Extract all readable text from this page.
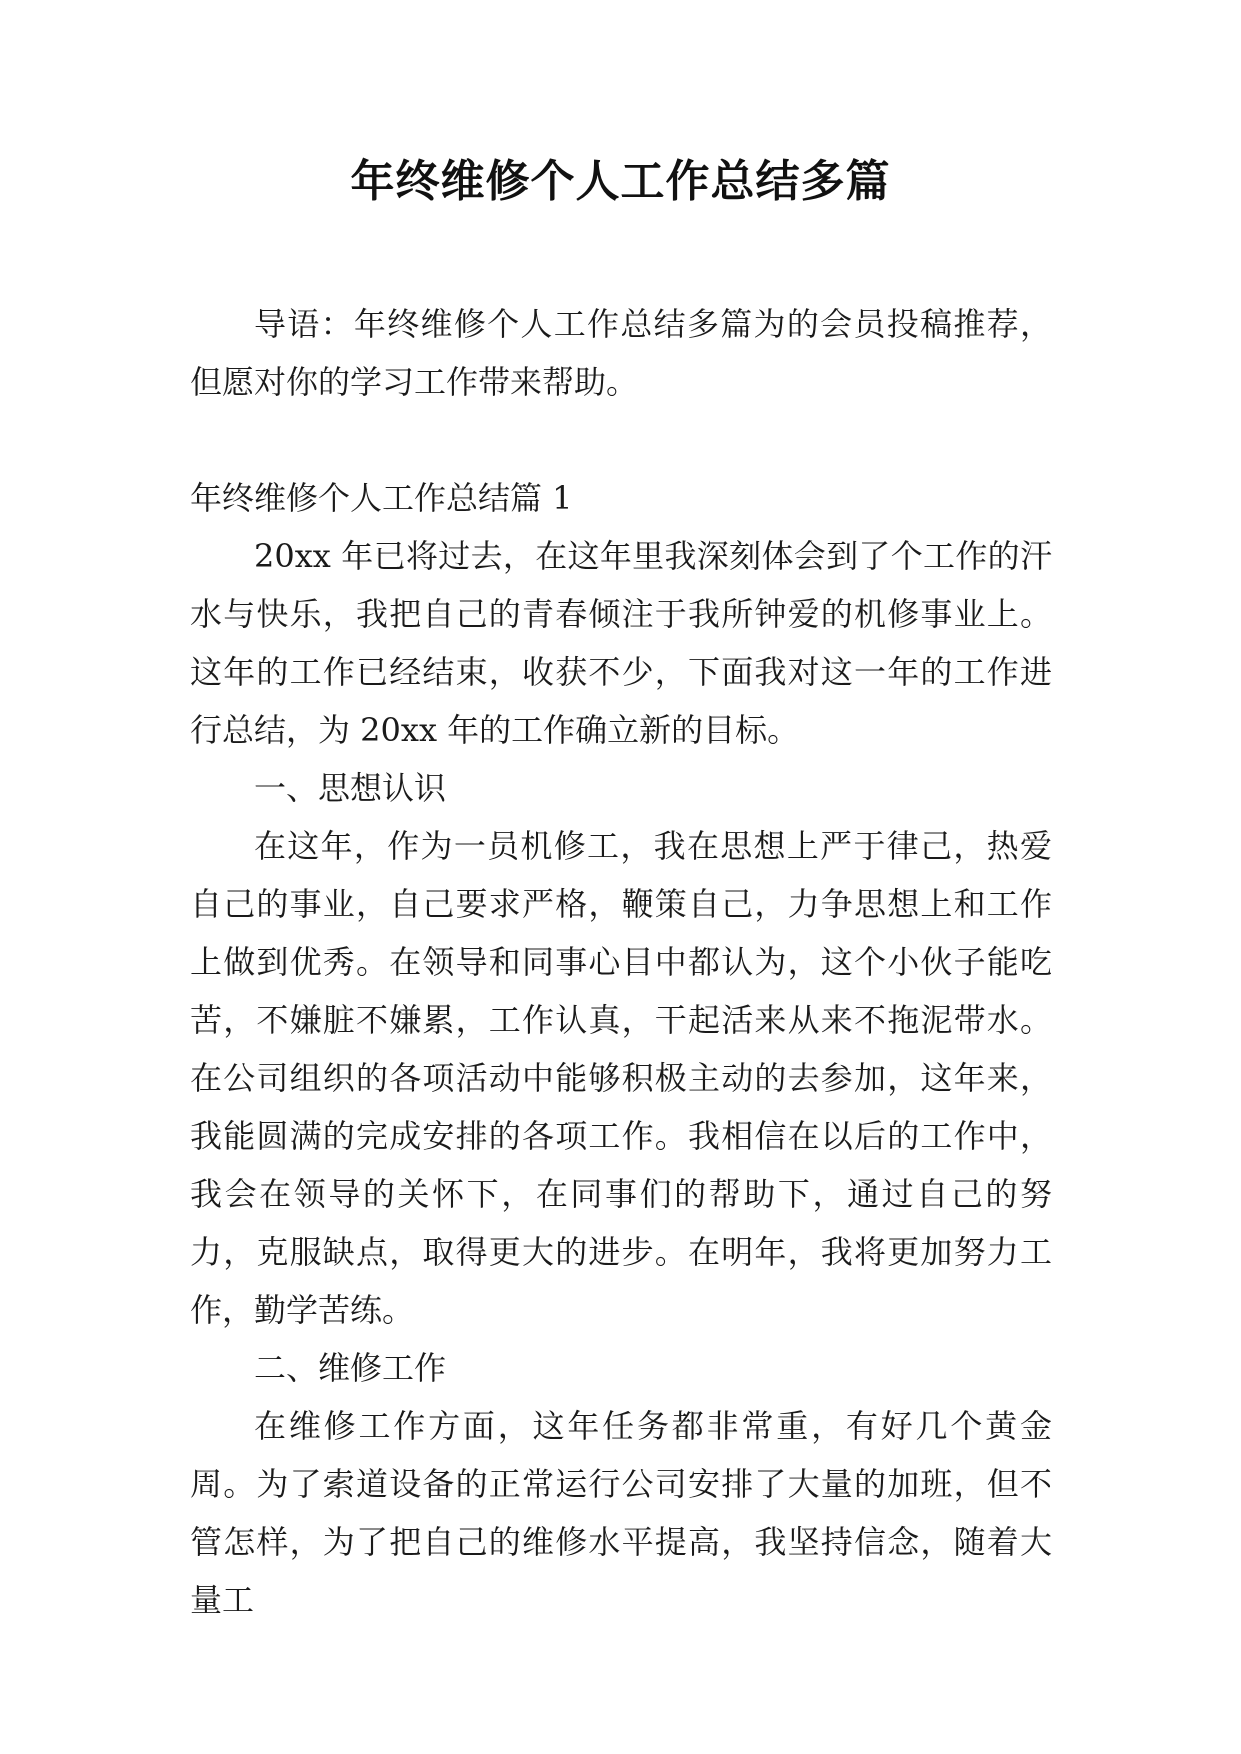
年终维修个人工作总结多篇

导语：年终维修个人工作总结多篇为的会员投稿推荐，但愿对你的学习工作带来帮助。

年终维修个人工作总结篇 1

20xx 年已将过去，在这年里我深刻体会到了个工作的汗水与快乐，我把自己的青春倾注于我所钟爱的机修事业上。这年的工作已经结束，收获不少，下面我对这一年的工作进行总结，为 20xx 年的工作确立新的目标。

一、思想认识

在这年，作为一员机修工，我在思想上严于律己，热爱自己的事业，自己要求严格，鞭策自己，力争思想上和工作上做到优秀。在领导和同事心目中都认为，这个小伙子能吃苦，不嫌脏不嫌累，工作认真，干起活来从来不拖泥带水。在公司组织的各项活动中能够积极主动的去参加，这年来，我能圆满的完成安排的各项工作。我相信在以后的工作中，我会在领导的关怀下，在同事们的帮助下，通过自己的努力，克服缺点，取得更大的进步。在明年，我将更加努力工作，勤学苦练。

二、维修工作

在维修工作方面，这年任务都非常重，有好几个黄金周。为了索道设备的正常运行公司安排了大量的加班，但不管怎样，为了把自己的维修水平提高，我坚持信念，随着大量工
